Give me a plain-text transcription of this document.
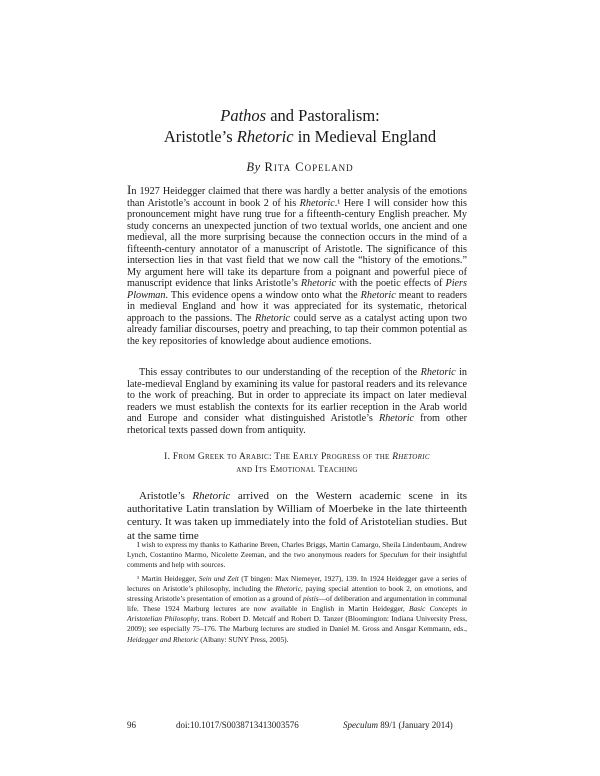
Pathos and Pastoralism:
Aristotle’s Rhetoric in Medieval England
By Rita Copeland

In 1927 Heidegger claimed that there was hardly a better analysis of the emotions than Aristotle’s account in book 2 of his Rhetoric.¹ Here I will consider how this pronouncement might have rung true for a fifteenth-century English preacher. My study concerns an unexpected junction of two textual worlds, one ancient and one medieval, all the more surprising because the connection occurs in the mind of a fifteenth-century annotator of a manuscript of Aristotle. The significance of this intersection lies in that vast field that we now call the “history of the emotions.” My argument here will take its departure from a poignant and powerful piece of manuscript evidence that links Aristotle’s Rhetoric with the poetic effects of Piers Plowman. This evidence opens a window onto what the Rhetoric meant to readers in medieval England and how it was appreciated for its systematic, rhetorical approach to the passions. The Rhetoric could serve as a catalyst acting upon two already familiar discourses, poetry and preaching, to tap their common potential as the key repositories of knowledge about audience emotions.

This essay contributes to our understanding of the reception of the Rhetoric in late-medieval England by examining its value for pastoral readers and its relevance to the work of preaching. But in order to appreciate its impact on later medieval readers we must establish the contexts for its earlier reception in the Arab world and Europe and consider what distinguished Aristotle’s Rhetoric from other rhetorical texts passed down from antiquity.

I. From Greek to Arabic: The Early Progress of the Rhetoric
and Its Emotional Teaching

Aristotle’s Rhetoric arrived on the Western academic scene in its authoritative Latin translation by William of Moerbeke in the late thirteenth century. It was taken up immediately into the fold of Aristotelian studies. But at the same time

I wish to express my thanks to Katharine Breen, Charles Briggs, Martin Camargo, Sheila Lindenbaum, Andrew Lynch, Costantino Marmo, Nicolette Zeeman, and the two anonymous readers for Speculum for their insightful comments and help with sources.

¹ Martin Heidegger, Sein und Zeit (T bingen: Max Niemeyer, 1927), 139. In 1924 Heidegger gave a series of lectures on Aristotle’s philosophy, including the Rhetoric, paying special attention to book 2, on emotions, and stressing Aristotle’s presentation of emotion as a ground of pistis—of deliberation and argumentation in communal life. These 1924 Marburg lectures are now available in English in Martin Heidegger, Basic Concepts in Aristotelian Philosophy, trans. Robert D. Metcalf and Robert D. Tanzer (Bloomington: Indiana University Press, 2009); see especially 75–176. The Marburg lectures are studied in Daniel M. Gross and Ansgar Kemmann, eds., Heidegger and Rhetoric (Albany: SUNY Press, 2005).

96	doi:10.1017/S0038713413003576	Speculum 89/1 (January 2014)
